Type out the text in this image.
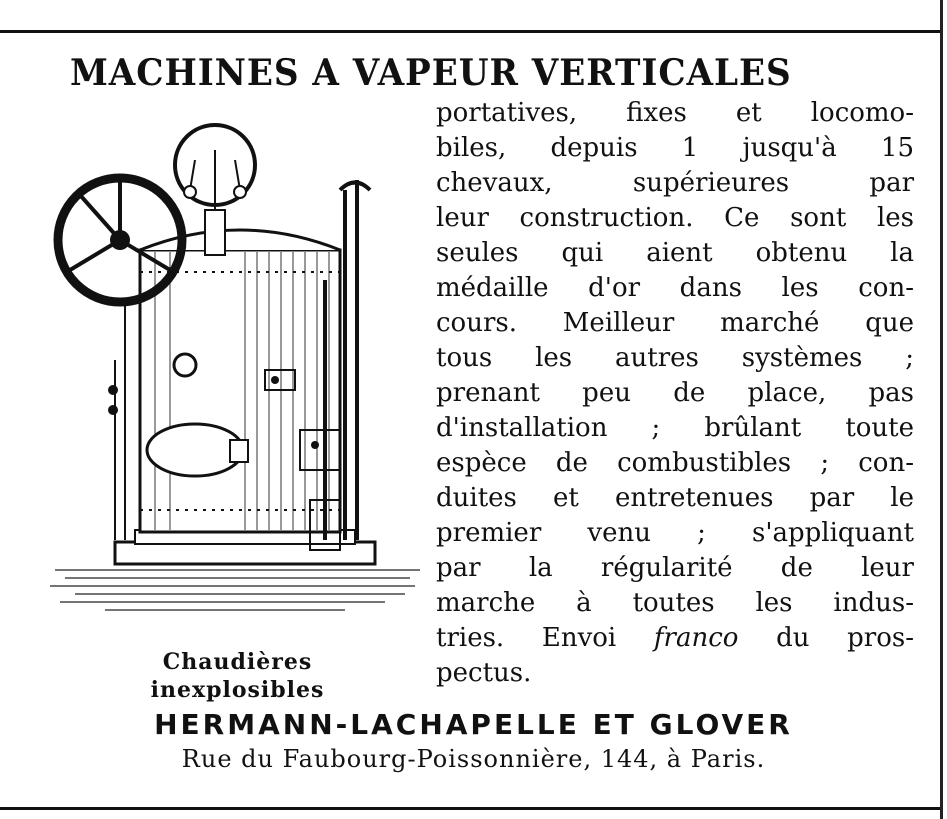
MACHINES A VAPEUR VERTICALES
Chaudières
inexplosibles
portatives, fixes et locomo-
biles, depuis 1 jusqu'à 15
chevaux, supérieures par
leur construction. Ce sont les
seules qui aient obtenu la
médaille d'or dans les con-
cours. Meilleur marché que
tous les autres systèmes ;
prenant peu de place, pas
d'installation ; brûlant toute
espèce de combustibles ; con-
duites et entretenues par le
premier venu ; s'appliquant
par la régularité de leur
marche à toutes les indus-
tries. Envoi franco du pros-
pectus.
HERMANN-LACHAPELLE ET GLOVER
Rue du Faubourg-Poissonnière, 144, à Paris.
